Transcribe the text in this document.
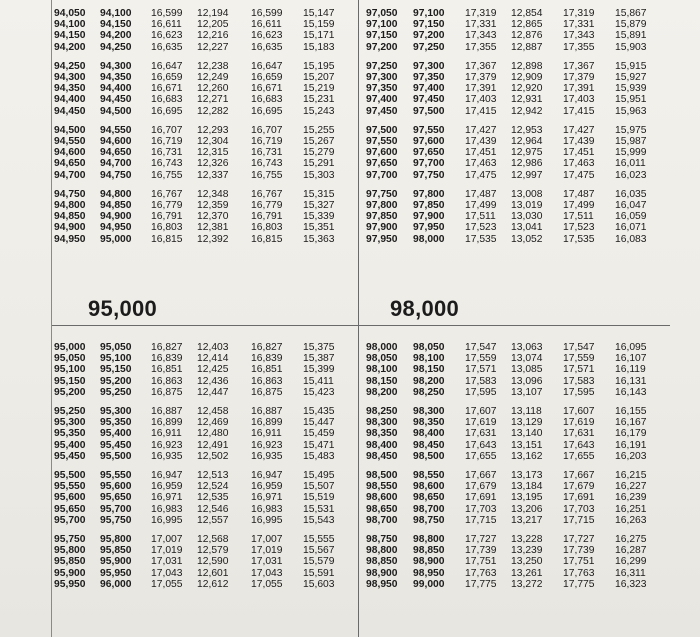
94,050 94,100 16,599 12,194 16,599 15,147
94,100 94,150 16,611 12,205 16,611 15,159
94,150 94,200 16,623 12,216 16,623 15,171
94,200 94,250 16,635 12,227 16,635 15,183
94,250 94,300 16,647 12,238 16,647 15,195
94,300 94,350 16,659 12,249 16,659 15,207
94,350 94,400 16,671 12,260 16,671 15,219
94,400 94,450 16,683 12,271 16,683 15,231
94,450 94,500 16,695 12,282 16,695 15,243
94,500 94,550 16,707 12,293 16,707 15,255
94,550 94,600 16,719 12,304 16,719 15,267
94,600 94,650 16,731 12,315 16,731 15,279
94,650 94,700 16,743 12,326 16,743 15,291
94,700 94,750 16,755 12,337 16,755 15,303
94,750 94,800 16,767 12,348 16,767 15,315
94,800 94,850 16,779 12,359 16,779 15,327
94,850 94,900 16,791 12,370 16,791 15,339
94,900 94,950 16,803 12,381 16,803 15,351
94,950 95,000 16,815 12,392 16,815 15,363
95,000
95,000 95,050 16,827 12,403 16,827 15,375
95,050 95,100 16,839 12,414 16,839 15,387
95,100 95,150 16,851 12,425 16,851 15,399
95,150 95,200 16,863 12,436 16,863 15,411
95,200 95,250 16,875 12,447 16,875 15,423
95,250 95,300 16,887 12,458 16,887 15,435
95,300 95,350 16,899 12,469 16,899 15,447
95,350 95,400 16,911 12,480 16,911 15,459
95,400 95,450 16,923 12,491 16,923 15,471
95,450 95,500 16,935 12,502 16,935 15,483
95,500 95,550 16,947 12,513 16,947 15,495
95,550 95,600 16,959 12,524 16,959 15,507
95,600 95,650 16,971 12,535 16,971 15,519
95,650 95,700 16,983 12,546 16,983 15,531
95,700 95,750 16,995 12,557 16,995 15,543
95,750 95,800 17,007 12,568 17,007 15,555
95,800 95,850 17,019 12,579 17,019 15,567
95,850 95,900 17,031 12,590 17,031 15,579
95,900 95,950 17,043 12,601 17,043 15,591
95,950 96,000 17,055 12,612 17,055 15,603
97,050 97,100 17,319 12,854 17,319 15,867
97,100 97,150 17,331 12,865 17,331 15,879
97,150 97,200 17,343 12,876 17,343 15,891
97,200 97,250 17,355 12,887 17,355 15,903
97,250 97,300 17,367 12,898 17,367 15,915
97,300 97,350 17,379 12,909 17,379 15,927
97,350 97,400 17,391 12,920 17,391 15,939
97,400 97,450 17,403 12,931 17,403 15,951
97,450 97,500 17,415 12,942 17,415 15,963
97,500 97,550 17,427 12,953 17,427 15,975
97,550 97,600 17,439 12,964 17,439 15,987
97,600 97,650 17,451 12,975 17,451 15,999
97,650 97,700 17,463 12,986 17,463 16,011
97,700 97,750 17,475 12,997 17,475 16,023
97,750 97,800 17,487 13,008 17,487 16,035
97,800 97,850 17,499 13,019 17,499 16,047
97,850 97,900 17,511 13,030 17,511 16,059
97,900 97,950 17,523 13,041 17,523 16,071
97,950 98,000 17,535 13,052 17,535 16,083
98,000
98,000 98,050 17,547 13,063 17,547 16,095
98,050 98,100 17,559 13,074 17,559 16,107
98,100 98,150 17,571 13,085 17,571 16,119
98,150 98,200 17,583 13,096 17,583 16,131
98,200 98,250 17,595 13,107 17,595 16,143
98,250 98,300 17,607 13,118 17,607 16,155
98,300 98,350 17,619 13,129 17,619 16,167
98,350 98,400 17,631 13,140 17,631 16,179
98,400 98,450 17,643 13,151 17,643 16,191
98,450 98,500 17,655 13,162 17,655 16,203
98,500 98,550 17,667 13,173 17,667 16,215
98,550 98,600 17,679 13,184 17,679 16,227
98,600 98,650 17,691 13,195 17,691 16,239
98,650 98,700 17,703 13,206 17,703 16,251
98,700 98,750 17,715 13,217 17,715 16,263
98,750 98,800 17,727 13,228 17,727 16,275
98,800 98,850 17,739 13,239 17,739 16,287
98,850 98,900 17,751 13,250 17,751 16,299
98,900 98,950 17,763 13,261 17,763 16,311
98,950 99,000 17,775 13,272 17,775 16,323
